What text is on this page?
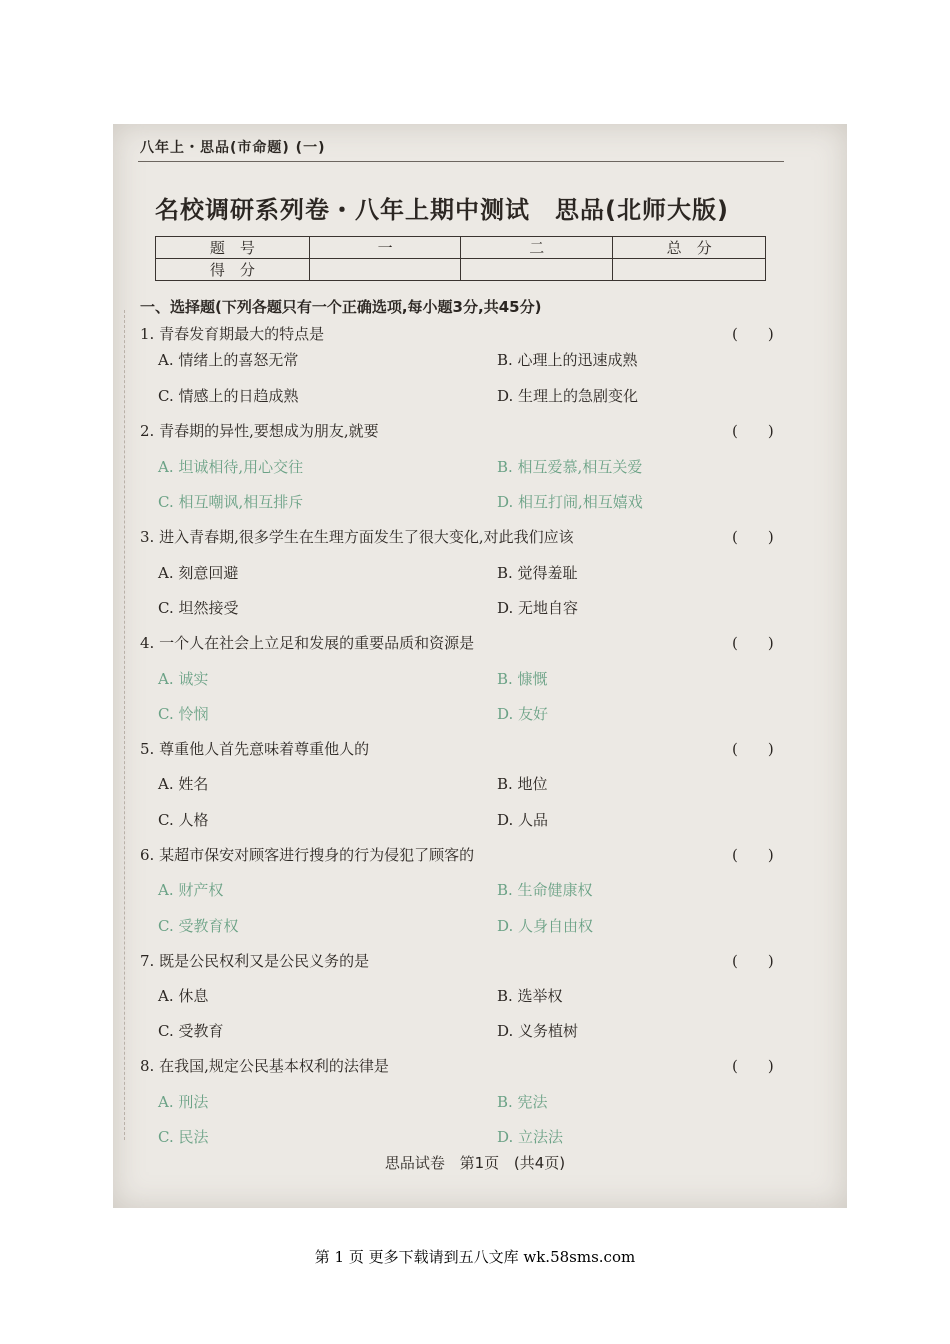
八年上・思品(市命题) (一)
名校调研系列卷・八年上期中测试　思品(北师大版)
题　号	一	二	总　分
得　分			
一、选择题(下列各题只有一个正确选项,每小题3分,共45分)
1. 青春发育期最大的特点是	(　　)
A. 情绪上的喜怒无常	B. 心理上的迅速成熟
C. 情感上的日趋成熟	D. 生理上的急剧变化
2. 青春期的异性,要想成为朋友,就要	(　　)
A. 坦诚相待,用心交往	B. 相互爱慕,相互关爱
C. 相互嘲讽,相互排斥	D. 相互打闹,相互嬉戏
3. 进入青春期,很多学生在生理方面发生了很大变化,对此我们应该	(　　)
A. 刻意回避	B. 觉得羞耻
C. 坦然接受	D. 无地自容
4. 一个人在社会上立足和发展的重要品质和资源是	(　　)
A. 诚实	B. 慷慨
C. 怜悯	D. 友好
5. 尊重他人首先意味着尊重他人的	(　　)
A. 姓名	B. 地位
C. 人格	D. 人品
6. 某超市保安对顾客进行搜身的行为侵犯了顾客的	(　　)
A. 财产权	B. 生命健康权
C. 受教育权	D. 人身自由权
7. 既是公民权利又是公民义务的是	(　　)
A. 休息	B. 选举权
C. 受教育	D. 义务植树
8. 在我国,规定公民基本权利的法律是	(　　)
A. 刑法	B. 宪法
C. 民法	D. 立法法
思品试卷 第1页 (共4页)
第 1 页 更多下载请到五八文库 wk.58sms.com
